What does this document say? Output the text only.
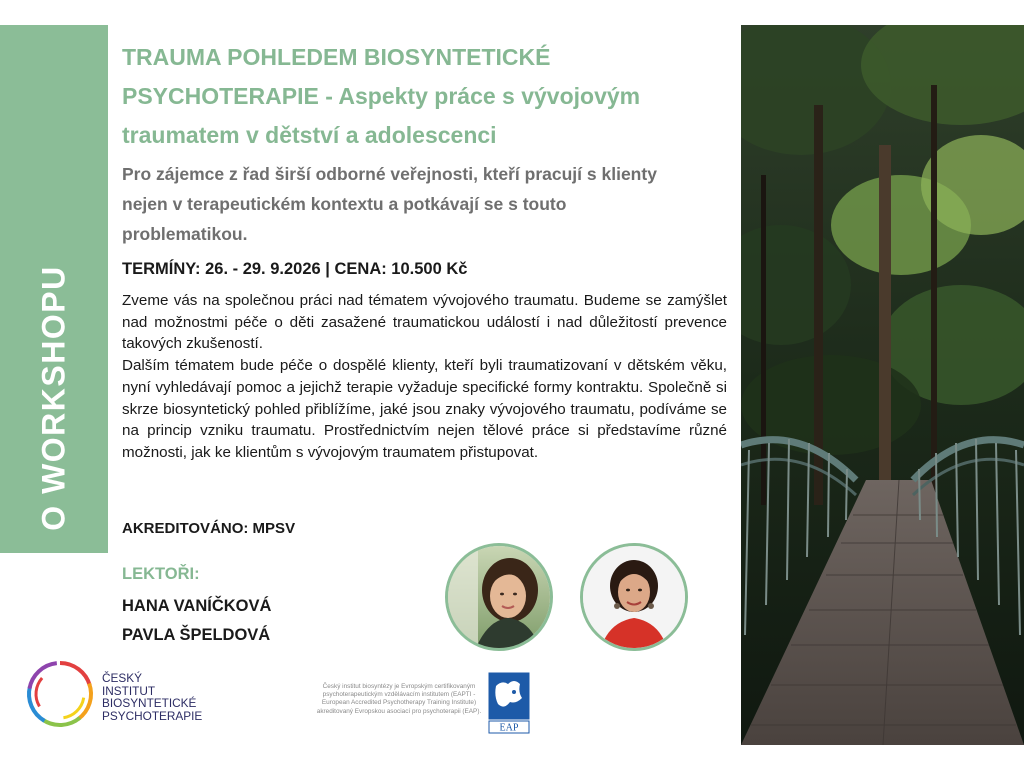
O WORKSHOPU
TRAUMA POHLEDEM BIOSYNTETICKÉ PSYCHOTERAPIE - Aspekty práce s vývojovým traumatem v dětství a adolescenci
Pro zájemce z řad širší odborné veřejnosti, kteří pracují s klienty nejen v terapeutickém kontextu a potkávají se s touto problematikou.
TERMÍNY: 26. - 29. 9.2026 | CENA: 10.500 Kč

Zveme vás na společnou práci nad tématem vývojového traumatu. Budeme se zamýšlet nad možnostmi péče o děti zasažené traumatickou událostí i nad důležitostí prevence takových zkušeností.

Dalším tématem bude péče o dospělé klienty, kteří byli traumatizovaní v dětském věku, nyní vyhledávají pomoc a jejichž terapie vyžaduje specifické formy kontraktu. Společně si skrze biosyntetický pohled přiblížíme, jaké jsou znaky vývojového traumatu, podíváme se na princip vzniku traumatu. Prostřednictvím nejen tělové práce si představíme různé možnosti, jak ke klientům s vývojovým traumatem přistupovat.

AKREDITOVÁNO: MPSV
LEKTOŘI:
HANA VANÍČKOVÁ
PAVLA ŠPELDOVÁ
ČESKÝ
INSTITUT
BIOSYNTETICKÉ
PSYCHOTERAPIE
Český institut biosyntézy je Evropským certifikovaným psychoterapeutickým vzdělávacím institutem (EAPTI - European Accredited Psychotherapy Training Institute) akreditovaný Evropskou asociací pro psychoterapii (EAP).
EAP
